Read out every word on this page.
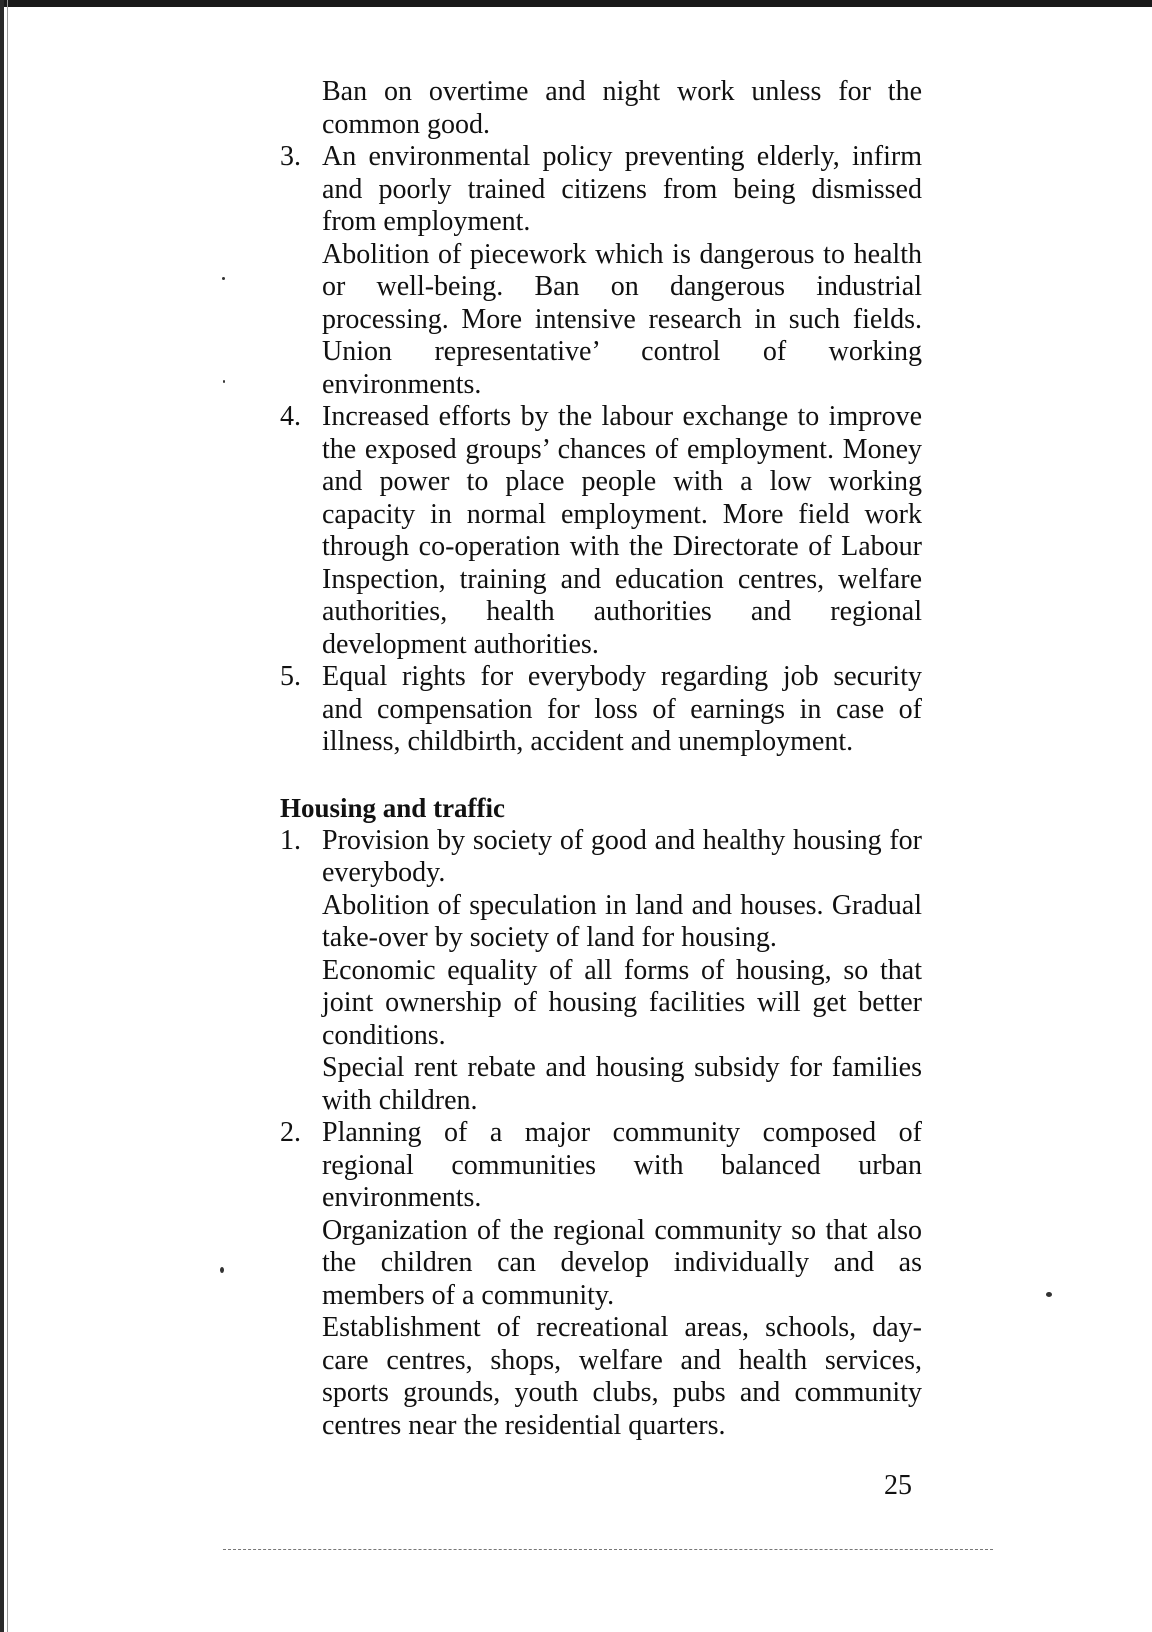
Ban on overtime and night work unless for the common good.

3. An environmental policy preventing elderly, infirm and poorly trained citizens from being dismissed from employment.

Abolition of piecework which is dangerous to health or well-being. Ban on dangerous industrial processing. More intensive research in such fields. Union representative’ control of working environments.

4. Increased efforts by the labour exchange to improve the exposed groups’ chances of employment. Money and power to place people with a low working capacity in normal employment. More field work through co-operation with the Directorate of Labour Inspection, training and education centres, welfare authorities, health authorities and regional development authorities.

5. Equal rights for everybody regarding job security and compensation for loss of earnings in case of illness, childbirth, accident and unemployment.

Housing and traffic
1. Provision by society of good and healthy housing for everybody.

Abolition of speculation in land and houses. Gradual take-over by society of land for housing.

Economic equality of all forms of housing, so that joint ownership of housing facilities will get better conditions.

Special rent rebate and housing subsidy for families with children.

2. Planning of a major community composed of regional communities with balanced urban environments.

Organization of the regional community so that also the children can develop individually and as members of a community.

Establishment of recreational areas, schools, day-care centres, shops, welfare and health services, sports grounds, youth clubs, pubs and community centres near the residential quarters.

25
